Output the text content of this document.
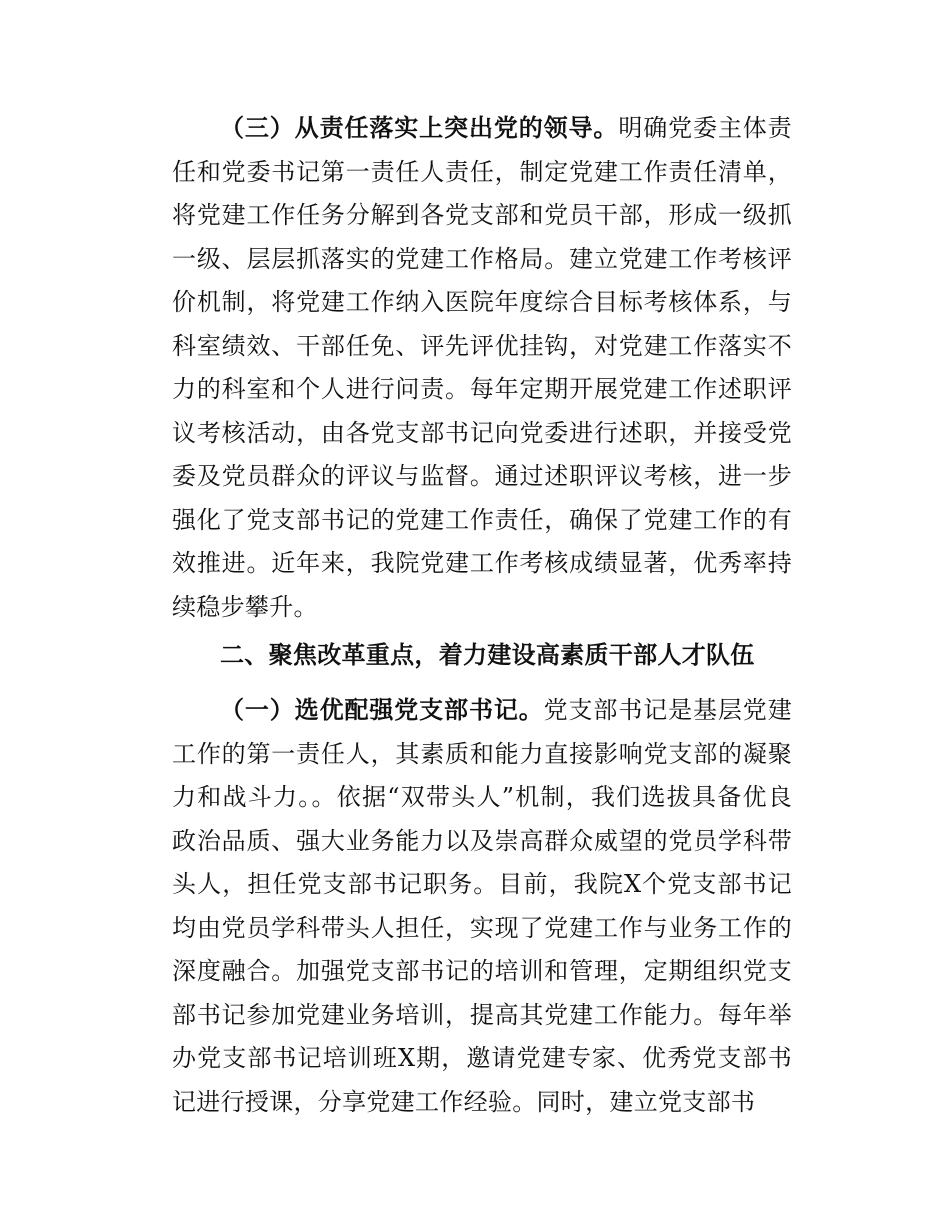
（三）从责任落实上突出党的领导。明确党委主体责任和党委书记第一责任人责任，制定党建工作责任清单，将党建工作任务分解到各党支部和党员干部，形成一级抓一级、层层抓落实的党建工作格局。建立党建工作考核评价机制，将党建工作纳入医院年度综合目标考核体系，与科室绩效、干部任免、评先评优挂钩，对党建工作落实不力的科室和个人进行问责。每年定期开展党建工作述职评议考核活动，由各党支部书记向党委进行述职，并接受党委及党员群众的评议与监督。通过述职评议考核，进一步强化了党支部书记的党建工作责任，确保了党建工作的有效推进。近年来，我院党建工作考核成绩显著，优秀率持续稳步攀升。

二、聚焦改革重点，着力建设高素质干部人才队伍

（一）选优配强党支部书记。党支部书记是基层党建工作的第一责任人，其素质和能力直接影响党支部的凝聚力和战斗力。。依据“双带头人”机制，我们选拔具备优良政治品质、强大业务能力以及崇高群众威望的党员学科带头人，担任党支部书记职务。目前，我院X个党支部书记均由党员学科带头人担任，实现了党建工作与业务工作的深度融合。加强党支部书记的培训和管理，定期组织党支部书记参加党建业务培训，提高其党建工作能力。每年举办党支部书记培训班X期，邀请党建专家、优秀党支部书记进行授课，分享党建工作经验。同时，建立党支部书
